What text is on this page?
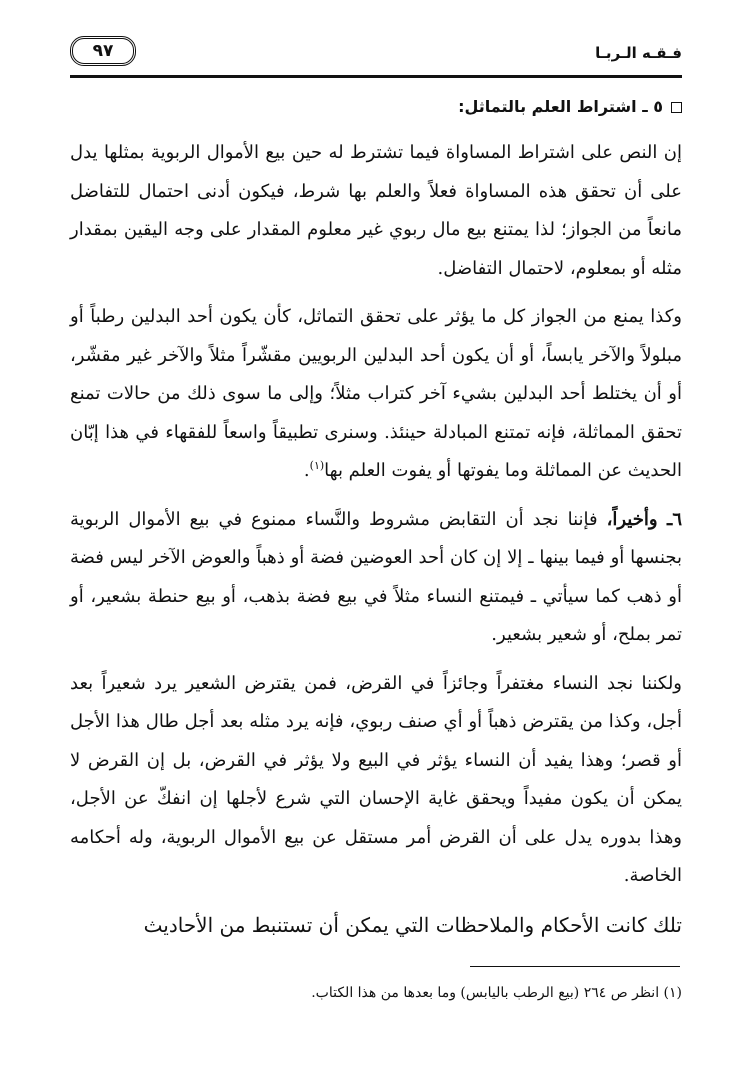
فـقـه الـربـا
٩٧

٥ ـ اشتراط العلم بالتماثل:

إن النص على اشتراط المساواة فيما تشترط له حين بيع الأموال الربوية بمثلها يدل على أن تحقق هذه المساواة فعلاً والعلم بها شرط، فيكون أدنى احتمال للتفاضل مانعاً من الجواز؛ لذا يمتنع بيع مال ربوي غير معلوم المقدار على وجه اليقين بمقدار مثله أو بمعلوم، لاحتمال التفاضل.

وكذا يمنع من الجواز كل ما يؤثر على تحقق التماثل، كأن يكون أحد البدلين رطباً أو مبلولاً والآخر يابساً، أو أن يكون أحد البدلين الربويين مقشّراً مثلاً والآخر غير مقشّر، أو أن يختلط أحد البدلين بشيء آخر كتراب مثلاً؛ وإلى ما سوى ذلك من حالات تمنع تحقق المماثلة، فإنه تمتنع المبادلة حينئذ. وسنرى تطبيقاً واسعاً للفقهاء في هذا إبّان الحديث عن المماثلة وما يفوتها أو يفوت العلم بها$^{(١)}$.

٦ـ وأخيراً، فإننا نجد أن التقابض مشروط والنَّساء ممنوع في بيع الأموال الربوية بجنسها أو فيما بينها ـ إلا إن كان أحد العوضين فضة أو ذهباً والعوض الآخر ليس فضة أو ذهب كما سيأتي ـ فيمتنع النساء مثلاً في بيع فضة بذهب، أو بيع حنطة بشعير، أو تمر بملح، أو شعير بشعير.

ولكننا نجد النساء مغتفراً وجائزاً في القرض، فمن يقترض الشعير يرد شعيراً بعد أجل، وكذا من يقترض ذهباً أو أي صنف ربوي، فإنه يرد مثله بعد أجل طال هذا الأجل أو قصر؛ وهذا يفيد أن النساء يؤثر في البيع ولا يؤثر في القرض، بل إن القرض لا يمكن أن يكون مفيداً ويحقق غاية الإحسان التي شرع لأجلها إن انفكّ عن الأجل، وهذا بدوره يدل على أن القرض أمر مستقل عن بيع الأموال الربوية، وله أحكامه الخاصة.

تلك كانت الأحكام والملاحظات التي يمكن أن تستنبط من الأحاديث

(١) انظر ص ٢٦٤ (بيع الرطب باليابس) وما بعدها من هذا الكتاب.
